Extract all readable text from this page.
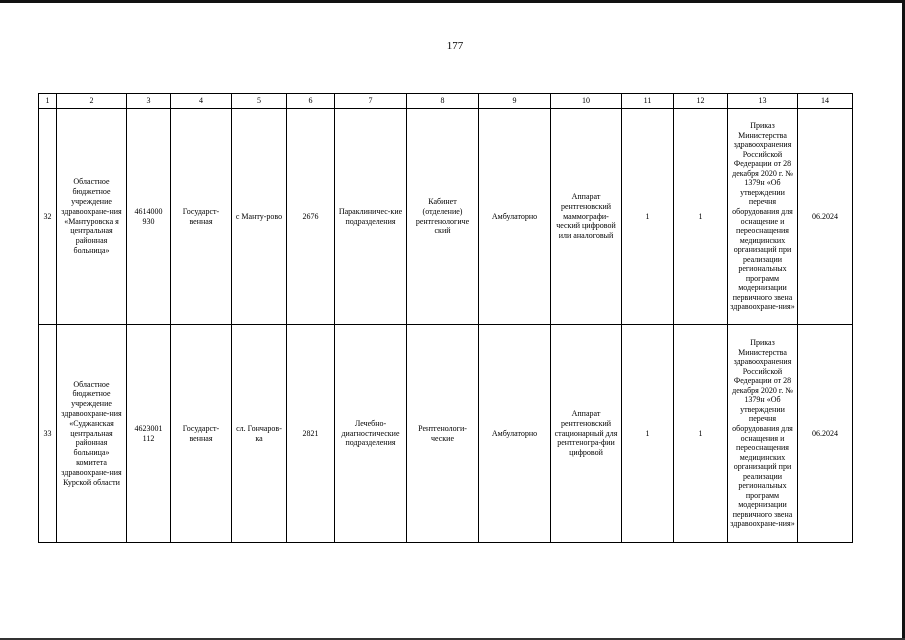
177
1	2	3	4	5	6	7	8	9	10	11	12	13	14
32	Областное бюджетное учреждение здравоохране-ния «Мантуровска я центральная районная больница»	4614000 930	Государст-венная	с Манту-рово	2676	Параклиничес-кие подразделения	Кабинет (отделение) рентгенологиче ский	Амбулаторно	Аппарат рентгеновский маммографи-ческий цифровой или аналоговый	1	1	Приказ Министерства здравоохранения Российской Федерации от 28 декабря 2020 г. № 1379н «Об утверждении перечня оборудования для оснащение и переоснащения медицинских организаций при реализации региональных программ модернизации первичного звена здравоохране-ния»	06.2024
33	Областное бюджетное учреждение здравоохране-ния «Суджанская центральная районная больница» комитета здравоохране-ния Курской области	4623001 112	Государст-венная	сл. Гончаров-ка	2821	Лечебно-диагностические подразделения	Рентгенологи-ческие	Амбулаторно	Аппарат рентгеновский стационарный для рентгеногра-фии цифровой	1	1	Приказ Министерства здравоохранения Российской Федерации от 28 декабря 2020 г. № 1379н «Об утверждении перечня оборудования для оснащения и переоснащения медицинских организаций при реализации региональных программ модернизации первичного звена здравоохране-ния»	06.2024
